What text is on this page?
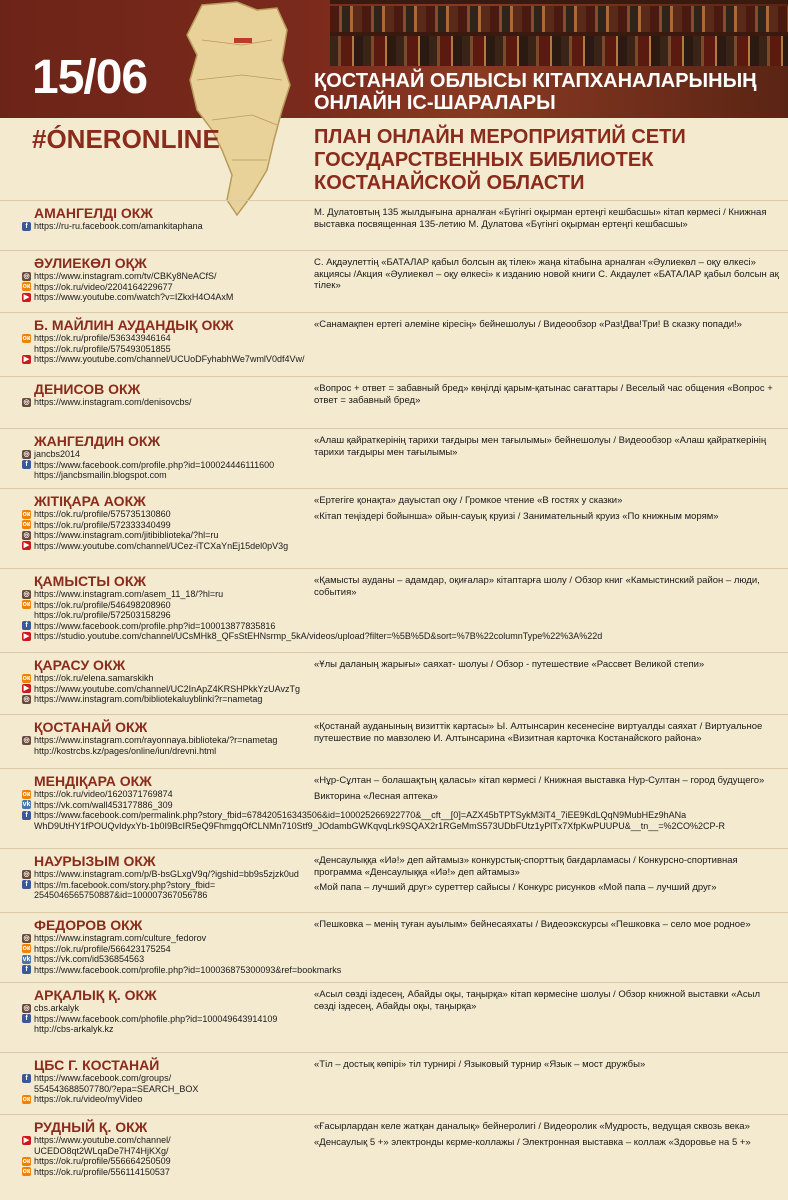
15/06	ҚОСТАНАЙ ОБЛЫСЫ КІТАПХАНАЛАРЫНЫҢ ОНЛАЙН ІС-ШАРАЛАРЫ
#ÓNERONLINE	ПЛАН ОНЛАЙН МЕРОПРИЯТИЙ СЕТИ ГОСУДАРСТВЕННЫХ БИБЛИОТЕК КОСТАНАЙСКОЙ ОБЛАСТИ
АМАНГЕЛДІ ОКЖ
f https://ru-ru.facebook.com/amankitaphana

М. Дулатовтың 135 жылдығына арналған «Бүгінгі оқырман ертеңгі кешбасшы» кітап көрмесі / Книжная выставка посвященная 135-летию М. Дулатова «Бүгінгі оқырман ертеңгі кешбасшы»

ӘУЛИЕКӨЛ ОҚЖ
◎ https://www.instagram.com/tv/CBKy8NeACfS/
ок https://ok.ru/video/2204164229677
▶ https://www.youtube.com/watch?v=IZkxH4O4AxM

С. Ақдәулеттің «БАТАЛАР қабыл болсын ақ тілек» жаңа кітабына арналған «Әулиекөл – оқу өлкесі» акциясы /Акция «Әулиекөл – оқу өлкесі» к изданию новой книги С. Акдаулет «БАТАЛАР қабыл болсын ақ тілек»

Б. МАЙЛИН АУДАНДЫҚ ОКЖ
ок https://ok.ru/profile/536343946164
https://ok.ru/profile/575493051855
▶ https://www.youtube.com/channel/UCUoDFyhabhWe7wmlV0df4Vw/

«Санамақпен ертегі әлеміне кіресің» бейнешолуы / Видеообзор «Раз!Два!Три! В сказку попади!»

ДЕНИСОВ ОКЖ
◎ https://www.instagram.com/denisovcbs/

«Вопрос + ответ = забавный бред» көңілді қарым-қатынас сағаттары / Веселый час общения «Вопрос + ответ = забавный бред»

ЖАНГЕЛДИН ОКЖ
◎ jancbs2014
f https://www.facebook.com/profile.php?id=100024446111600
https://jancbsmailin.blogspot.com

«Алаш қайраткерінің тарихи тағдыры мен тағылымы» бейнешолуы / Видеообзор «Алаш қайраткерінің тарихи тағдыры мен тағылымы»

ЖІТІҚАРА АОКЖ
ок https://ok.ru/profile/575735130860
ок https://ok.ru/profile/572333340499
◎ https://www.instagram.com/jitibiblioteka/?hl=ru
▶ https://www.youtube.com/channel/UCez-iTCXaYnEj15del0pV3g

«Ертегіге қонақта» дауыстап оқу / Громкое чтение «В гостях у сказки»

«Кітап теңіздері бойынша» ойын-сауық круизі / Занимательный круиз «По книжным морям»

ҚАМЫСТЫ ОКЖ
◎ https://www.instagram.com/asem_11_18/?hl=ru
ок https://ok.ru/profile/546498208960
https://ok.ru/profile/572503158296
f https://www.facebook.com/profile.php?id=100013877835816
▶ https://studio.youtube.com/channel/UCsMHk8_QFsStEHNsrmp_5kA/videos/upload?filter=%5B%5D&sort=%7B%22columnType%22%3A%22d

«Қамысты ауданы – адамдар, оқиғалар» кітаптарға шолу / Обзор книг «Камыстинский район – люди, события»

ҚАРАСУ ОКЖ
ок https://ok.ru/elena.samarskikh
▶ https://www.youtube.com/channel/UC2InApZ4KRSHPkkYzUAvzTg
◎ https://www.instagram.com/bibliotekaluyblinki?r=nametag

«Ұлы даланың жарығы» саяхат- шолуы / Обзор - путешествие «Рассвет Великой степи»

ҚОСТАНАЙ ОКЖ
◎ https://www.instagram.com/rayonnaya.biblioteka/?r=nametag
http://kostrcbs.kz/pages/online/iun/drevni.html

«Қостанай ауданының визиттік картасы» Ы. Алтынсарин кесенесіне виртуалды саяхат / Виртуальное путешествие по мавзолею И. Алтынсарина «Визитная карточка Костанайского района»

МЕНДІҚАРА ОКЖ
ок https://ok.ru/video/1620371769874
vk https://vk.com/wall453177886_309
f https://www.facebook.com/permalink.php?story_fbid=678420516343506&id=100025266922770&__cft__[0]=AZX45bTPTSykM3iT4_7iEE9KdLQqN9MubHEz9hANa
WhD9UtHY1fPOUQvIdyxYb-1b0I9BcIR5eQ9FhmgqOfCLNMn710Stf9_JOdambGWKqvqLrk9SQAX2r1RGeMmS573UDbFUtz1yPlTx7XfpKwPUUPU&__tn__=%2CO%2CP-R

«Нұр-Сұлтан – болашақтың қаласы» кітап көрмесі / Книжная выставка Нур-Султан – город будущего»

Викторина «Лесная аптека»

НАУРЫЗЫМ ОКЖ
◎ https://www.instagram.com/p/B-bsGLxgV9q/?igshid=bb9s5zjzk0ud
f https://m.facebook.com/story.php?story_fbid=
2545046565750887&id=100007367056786

«Денсаулыққа «Иә!» деп айтамыз» конкурстық-спорттық бағдарламасы / Конкурсно-спортивная программа «Денсаулыққа «Иә!» деп айтамыз»

«Мой папа – лучший друг» суреттер сайысы / Конкурс рисунков «Мой папа – лучший друг»

ФЕДОРОВ ОКЖ
◎ https://www.instagram.com/culture_fedorov
ок https://ok.ru/profile/566423175254
vk https://vk.com/id536854563
f https://www.facebook.com/profile.php?id=100036875300093&ref=bookmarks

«Пешковка – менің туған ауылым» бейнесаяхаты / Видеоэкскурсы «Пешковка – село мое родное»

АРҚАЛЫҚ Қ. ОКЖ
◎ cbs.arkalyk
f https://www.facebook.com/phofile.php?id=100049643914109
http://cbs-arkalyk.kz

«Асыл сөзді іздесең, Абайды оқы, таңырқа» кітап көрмесіне шолуы / Обзор книжной выставки «Асыл сөзді іздесең, Абайды оқы, таңырқа»

ЦБС Г. КОСТАНАЙ
f https://www.facebook.com/groups/
554543688507780/?epa=SEARCH_BOX
ок https://ok.ru/video/myVideo

«Тіл – достық көпірі» тіл турнирі / Языковый турнир «Язык – мост дружбы»

РУДНЫЙ Қ. ОКЖ
▶ https://www.youtube.com/channel/
UCEDO8qt2WLqaDe7H74HjKXg/
ок https://ok.ru/profile/556664250509
ок https://ok.ru/profile/556114150537

«Ғасырлардан келе жатқан даналық» бейнеролигі / Видеоролик «Мудрость, ведущая сквозь века»

«Денсаулық 5 +» электронды кєрме-коллажы / Электронная выставка – коллаж «Здоровье на 5 +»
